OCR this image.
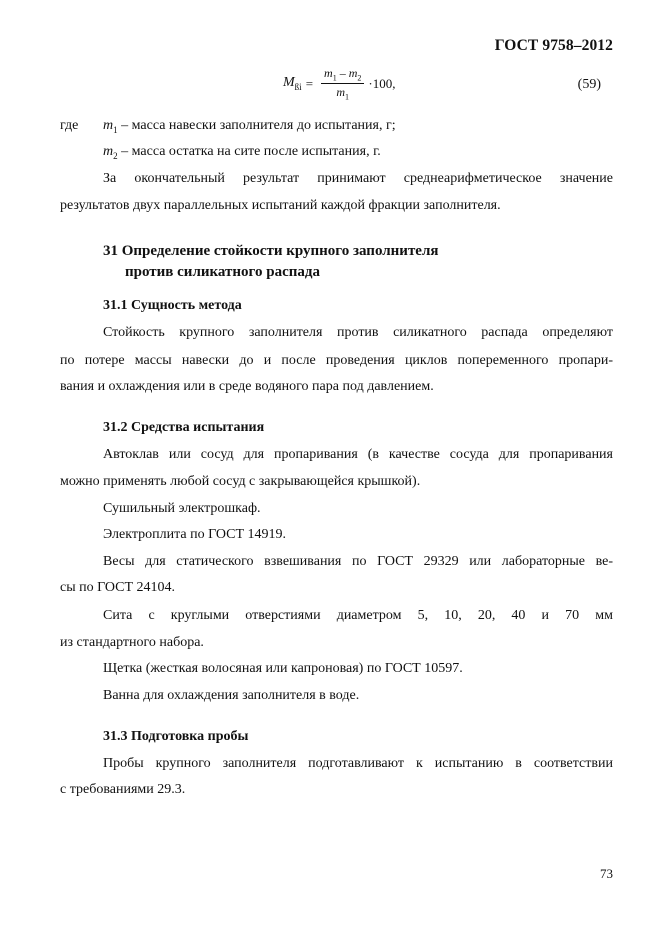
ГОСТ 9758–2012
$M_{ßi} = \frac{m_1 - m_2}{m_1} \cdot 100$,	(59)
где $m_1$ – масса навески заполнителя до испытания, г;
$m_2$ – масса остатка на сите после испытания, г.
За окончательный результат принимают среднеарифметическое значение
результатов двух параллельных испытаний каждой фракции заполнителя.
31 Определение стойкости крупного заполнителя
против силикатного распада
31.1 Сущность метода
Стойкость крупного заполнителя против силикатного распада определяют
по потере массы навески до и после проведения циклов попеременного пропари-
вания и охлаждения или в среде водяного пара под давлением.
31.2 Средства испытания
Автоклав или сосуд для пропаривания (в качестве сосуда для пропаривания
можно применять любой сосуд с закрывающейся крышкой).
Сушильный электрошкаф.
Электроплита по ГОСТ 14919.
Весы для статического взвешивания по ГОСТ 29329 или лабораторные ве-
сы по ГОСТ 24104.
Сита с круглыми отверстиями диаметром 5, 10, 20, 40 и 70 мм
из стандартного набора.
Щетка (жесткая волосяная или капроновая) по ГОСТ 10597.
Ванна для охлаждения заполнителя в воде.
31.3 Подготовка пробы
Пробы крупного заполнителя подготавливают к испытанию в соответствии
с требованиями 29.3.
73
